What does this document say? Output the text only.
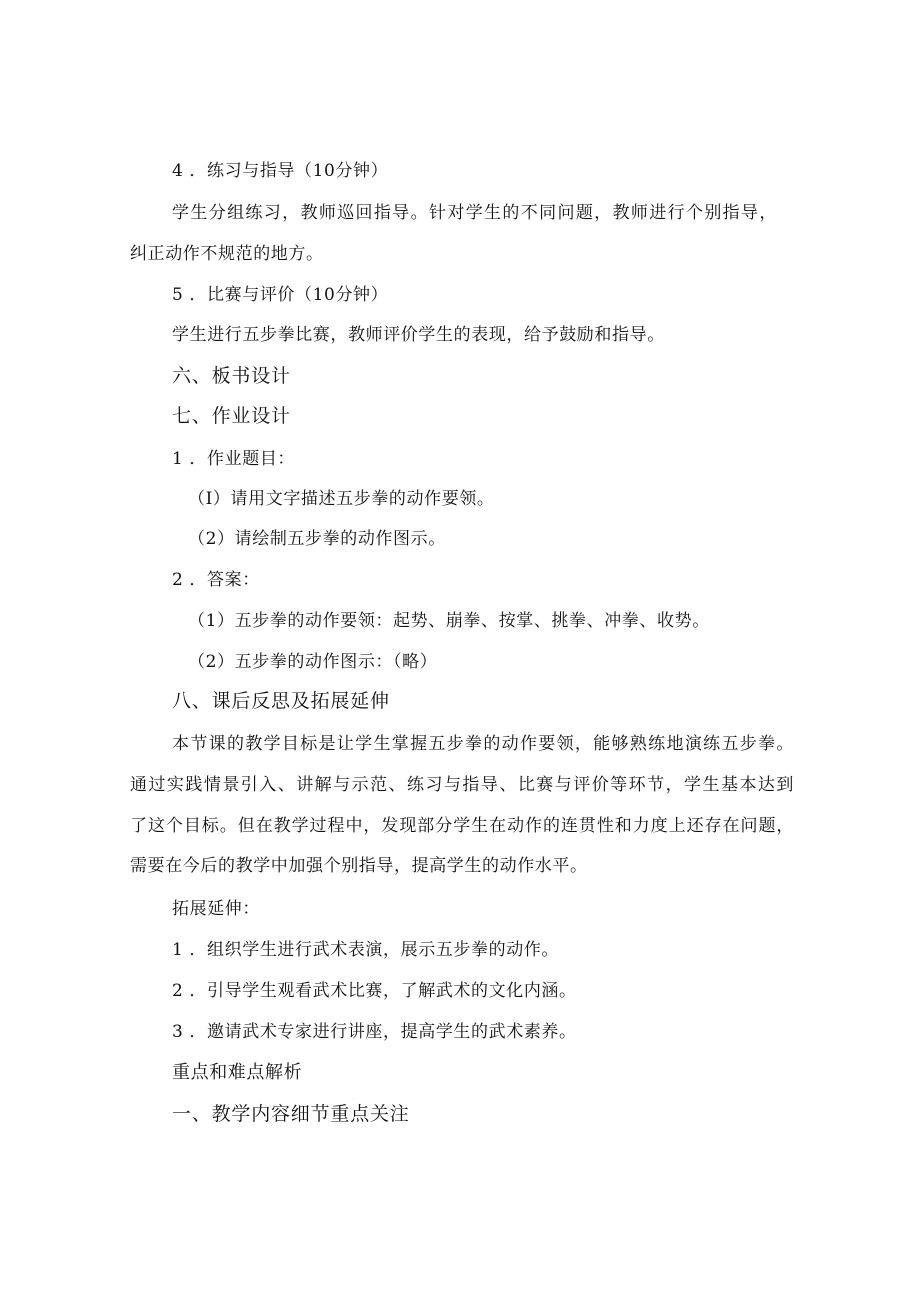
4 ．练习与指导（10分钟）
学生分组练习，教师巡回指导。针对学生的不同问题，教师进行个别指导，
纠正动作不规范的地方。
5 ．比赛与评价（10分钟）
学生进行五步拳比赛，教师评价学生的表现，给予鼓励和指导。
六、板书设计
七、作业设计
1 ．作业题目：
（I）请用文字描述五步拳的动作要领。
（2）请绘制五步拳的动作图示。
2 ．答案：
（1）五步拳的动作要领：起势、崩拳、按掌、挑拳、冲拳、收势。
（2）五步拳的动作图示：（略）
八、课后反思及拓展延伸
本节课的教学目标是让学生掌握五步拳的动作要领，能够熟练地演练五步拳。
通过实践情景引入、讲解与示范、练习与指导、比赛与评价等环节，学生基本达到
了这个目标。但在教学过程中，发现部分学生在动作的连贯性和力度上还存在问题，
需要在今后的教学中加强个别指导，提高学生的动作水平。
拓展延伸：
1 ．组织学生进行武术表演，展示五步拳的动作。
2 ．引导学生观看武术比赛，了解武术的文化内涵。
3 ．邀请武术专家进行讲座，提高学生的武术素养。
重点和难点解析
一、教学内容细节重点关注
